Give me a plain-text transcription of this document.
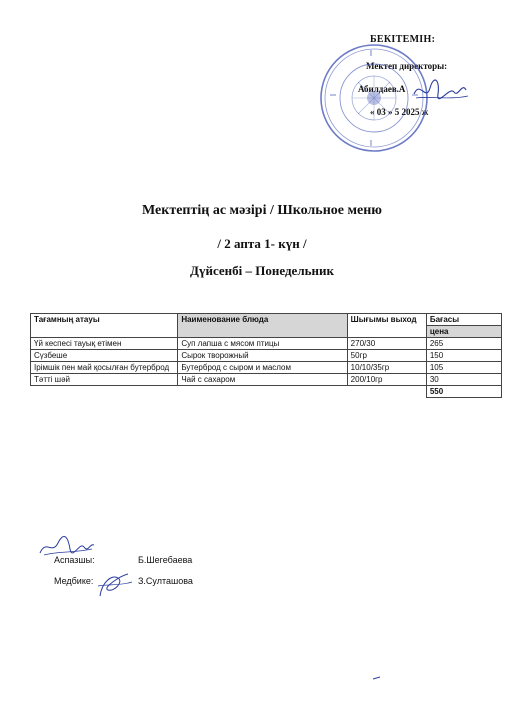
БЕКІТЕМІН:
Мектеп директоры:
Абилдаев.А
« 03 » 5 2025 ж
Мектептің ас мәзірі / Школьное меню
/ 2 апта 1- күн /
Дүйсенбі – Понедельник
Тағамның атауы	Наименование блюда	Шығымы выход	Бағасы
			цена
Үй кеспесі тауық етімен	Суп лапша с мясом птицы	270/30	265
Сүзбеше	Сырок творожный	50гр	150
Ірімшік пен май қосылған бутерброд	Бутерброд с сыром и маслом	10/10/35гр	105
Тәтті шәй	Чай с сахаром	200/10гр	30
			550
Аспазшы:	Б.Шегебаева
Медбике:	З.Султашова
